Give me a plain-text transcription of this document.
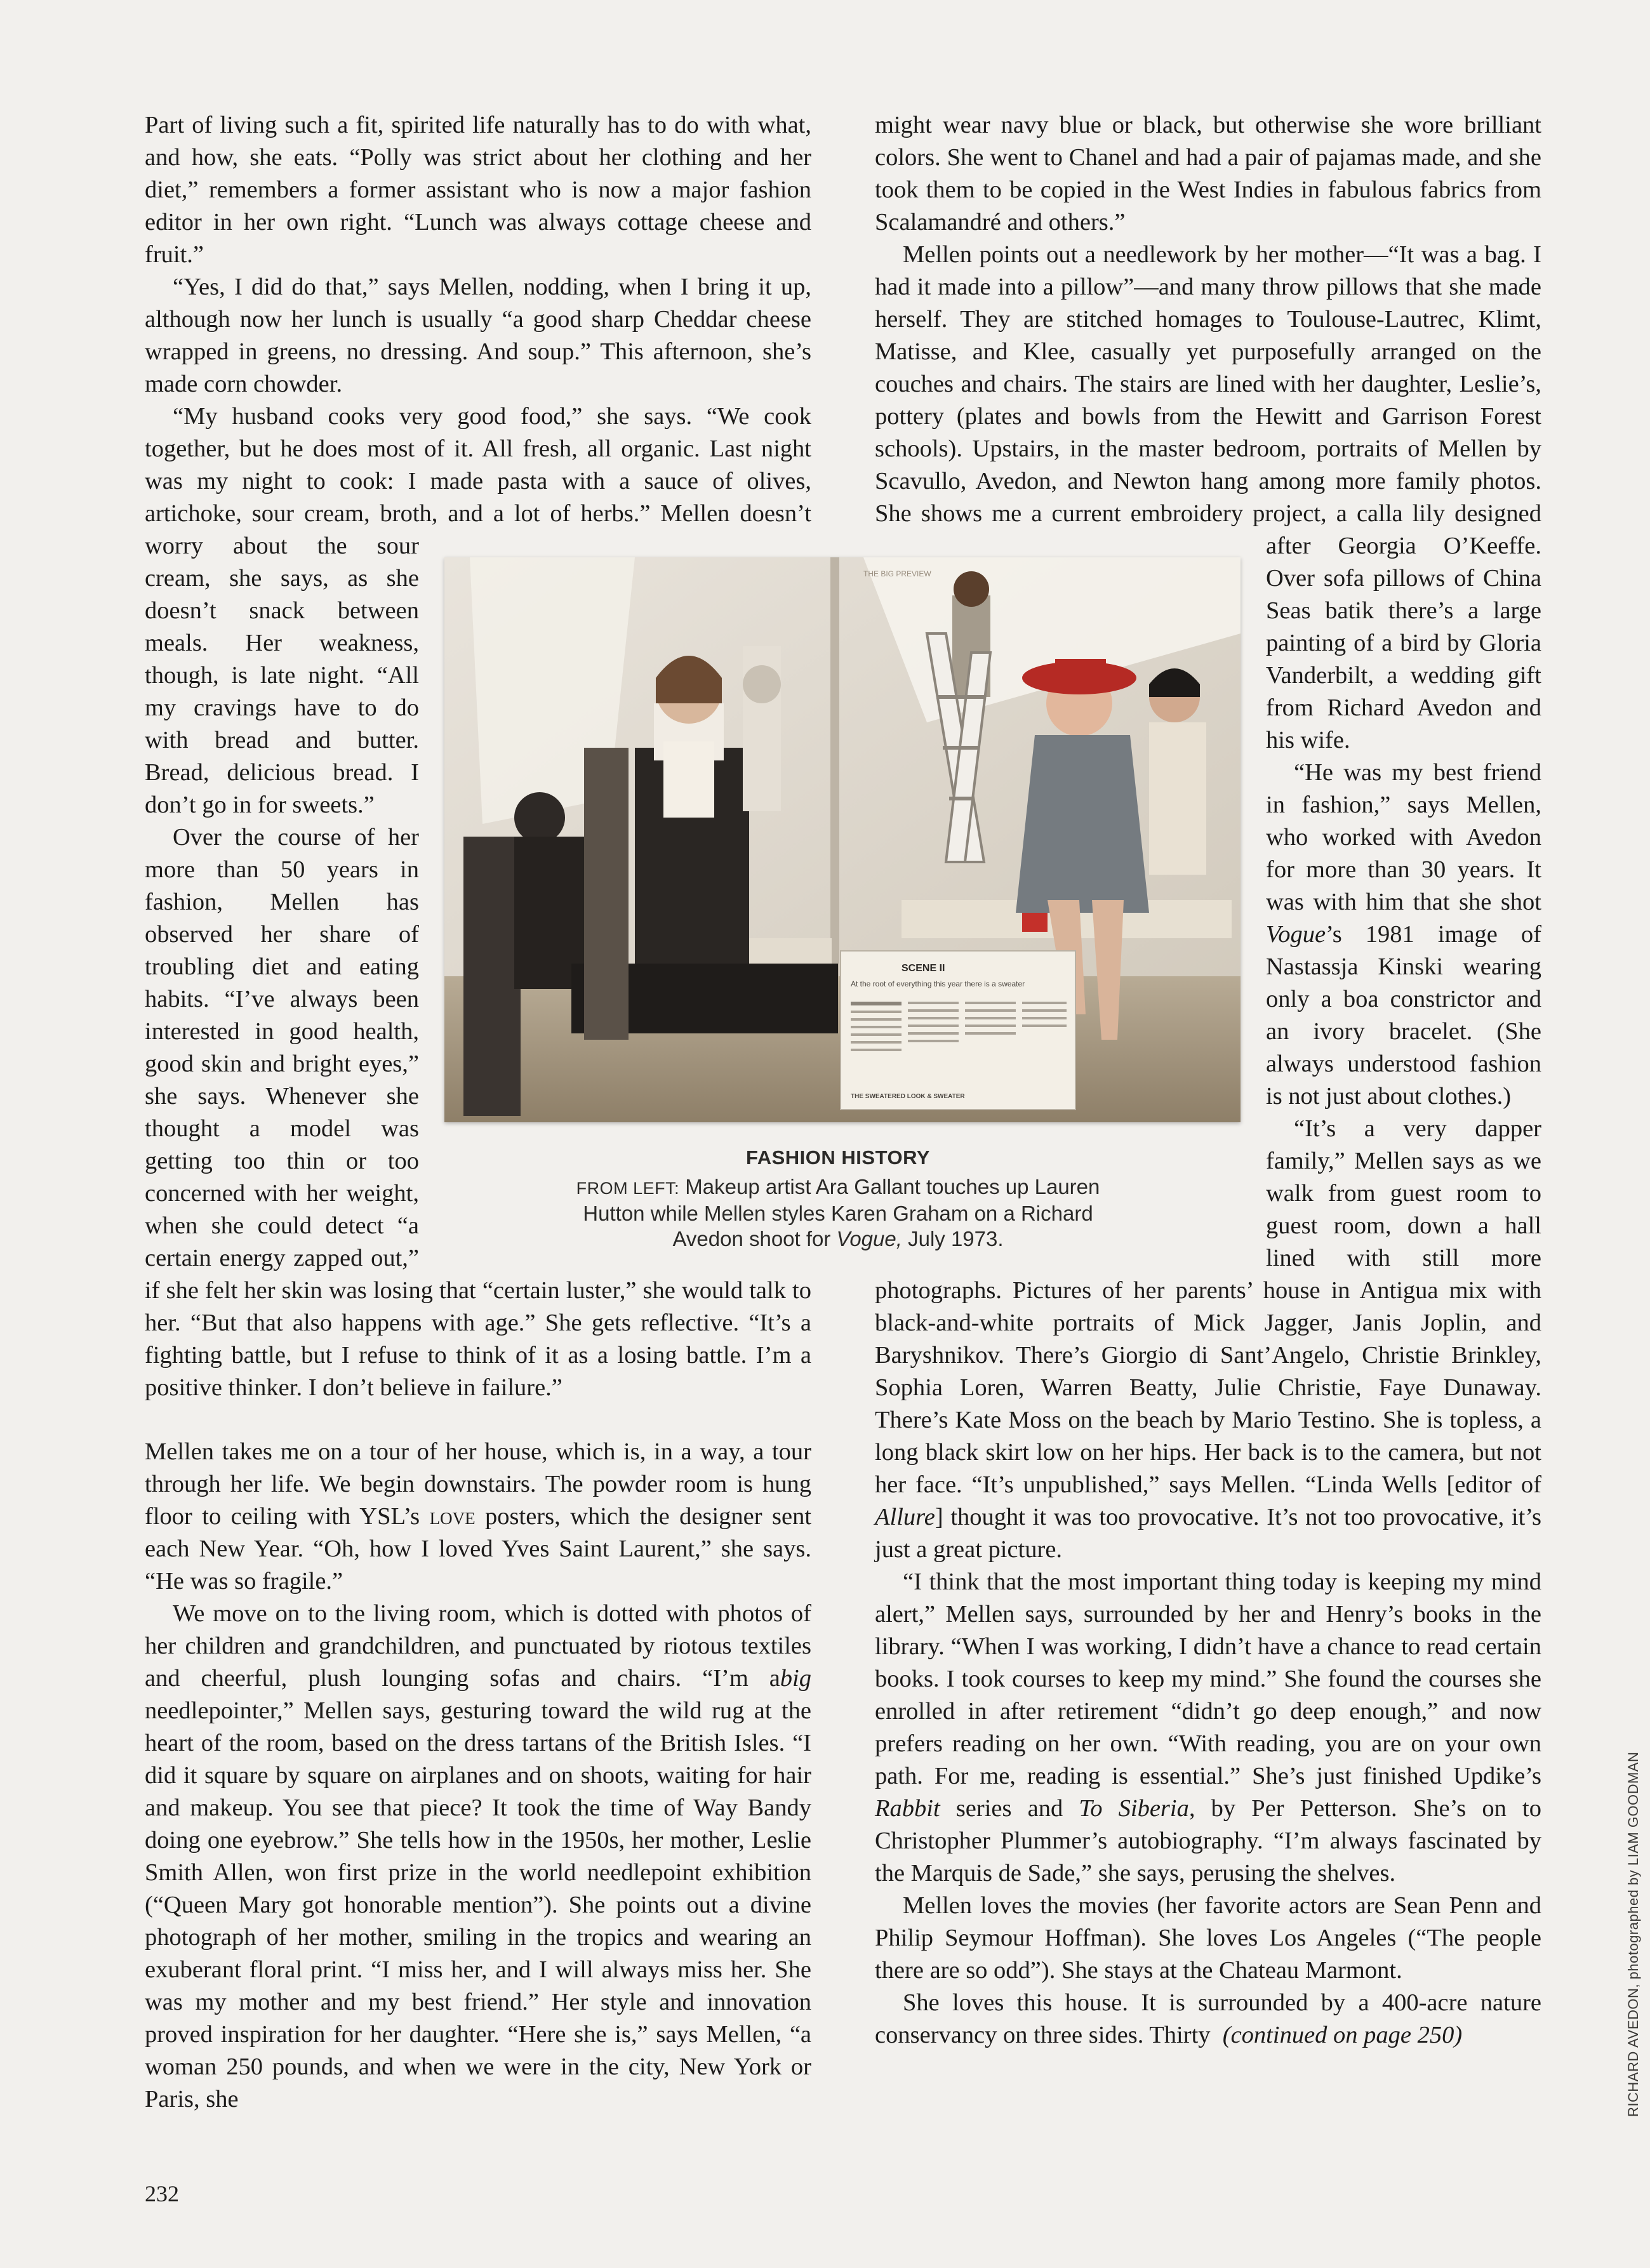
Part of living such a fit, spirited life naturally has to do with what, and how, she eats. “Polly was strict about her clothing and her diet,” remembers a former assistant who is now a major fashion editor in her own right. “Lunch was always cottage cheese and fruit.”

“Yes, I did do that,” says Mellen, nodding, when I bring it up, although now her lunch is usually “a good sharp Cheddar cheese wrapped in greens, no dressing. And soup.” This afternoon, she’s made corn chowder.

“My husband cooks very good food,” she says. “We cook together, but he does most of it. All fresh, all organic. Last night was my night to cook: I made pasta with a sauce of olives, artichoke, sour cream, broth, and a lot of herbs.” Mellen doesn’t worry about the sour cream, she says, as she doesn’t snack between meals. Her weakness, though, is late night. “All my cravings have to do with bread and butter. Bread, delicious bread. I don’t go in for sweets.”

Over the course of her more than 50 years in fashion, Mellen has observed her share of troubling diet and eating habits. “I’ve always been interested in good health, good skin and bright eyes,” she says. Whenever she thought a model was getting too thin or too concerned with her weight, when she could detect “a certain energy zapped out,” if she felt her skin was losing that “certain luster,” she would talk to her. “But that also happens with age.” She gets reflective. “It’s a fighting battle, but I refuse to think of it as a losing battle. I’m a positive thinker. I don’t believe in failure.”

Mellen takes me on a tour of her house, which is, in a way, a tour through her life. We begin downstairs. The powder room is hung floor to ceiling with YSL’s love posters, which the designer sent each New Year. “Oh, how I loved Yves Saint Laurent,” she says. “He was so fragile.”

We move on to the living room, which is dotted with photos of her children and grandchildren, and punctuated by riotous textiles and cheerful, plush lounging sofas and chairs. “I’m abig needlepointer,” Mellen says, gesturing toward the wild rug at the heart of the room, based on the dress tartans of the British Isles. “I did it square by square on airplanes and on shoots, waiting for hair and makeup. You see that piece? It took the time of Way Bandy doing one eyebrow.” She tells how in the 1950s, her mother, Leslie Smith Allen, won first prize in the world needlepoint exhibition (“Queen Mary got honorable mention”). She points out a divine photograph of her mother, smiling in the tropics and wearing an exuberant floral print. “I miss her, and I will always miss her. She was my mother and my best friend.” Her style and innovation proved inspiration for her daughter. “Here she is,” says Mellen, “a woman 250 pounds, and when we were in the city, New York or Paris, she

might wear navy blue or black, but otherwise she wore brilliant colors. She went to Chanel and had a pair of pajamas made, and she took them to be copied in the West Indies in fabulous fabrics from Scalamandré and others.”

Mellen points out a needlework by her mother—“It was a bag. I had it made into a pillow”—and many throw pillows that she made herself. They are stitched homages to Toulouse-Lautrec, Klimt, Matisse, and Klee, casually yet purposefully arranged on the couches and chairs. The stairs are lined with her daughter, Leslie’s, pottery (plates and bowls from the Hewitt and Garrison Forest schools). Upstairs, in the master bedroom, portraits of Mellen by Scavullo, Avedon, and Newton hang among more family photos. She shows me a current embroidery project, a calla lily designed after Georgia O’Keeffe. Over sofa pillows of China Seas batik there’s a large painting of a bird by Gloria Vanderbilt, a wedding gift from Richard Avedon and his wife.

“He was my best friend in fashion,” says Mellen, who worked with Avedon for more than 30 years. It was with him that she shot Vogue’s 1981 image of Nastassja Kinski wearing only a boa constrictor and an ivory bracelet. (She always understood fashion is not just about clothes.)

“It’s a very dapper family,” Mellen says as we walk from guest room to guest room, down a hall lined with still more photographs. Pictures of her parents’ house in Antigua mix with black-and-white portraits of Mick Jagger, Janis Joplin, and Baryshnikov. There’s Giorgio di Sant’Angelo, Christie Brinkley, Sophia Loren, Warren Beatty, Julie Christie, Faye Dunaway. There’s Kate Moss on the beach by Mario Testino. She is topless, a long black skirt low on her hips. Her back is to the camera, but not her face. “It’s unpublished,” says Mellen. “Linda Wells [editor of Allure] thought it was too provocative. It’s not too provocative, it’s just a great picture.

“I think that the most important thing today is keeping my mind alert,” Mellen says, surrounded by her and Henry’s books in the library. “When I was working, I didn’t have a chance to read certain books. I took courses to keep my mind.” She found the courses she enrolled in after retirement “didn’t go deep enough,” and now prefers reading on her own. “With reading, you are on your own path. For me, reading is essential.” She’s just finished Updike’s Rabbit series and To Siberia, by Per Petterson. She’s on to Christopher Plummer’s autobiography. “I’m always fascinated by the Marquis de Sade,” she says, perusing the shelves.

Mellen loves the movies (her favorite actors are Sean Penn and Philip Seymour Hoffman). She loves Los Angeles (“The people there are so odd”). She stays at the Chateau Marmont.

She loves this house. It is surrounded by a 400-acre nature conservancy on three sides. Thirty (continued on page 250)

THE BIG PREVIEW
SCENE II
At the root of everything this year there is a sweater
THE SWEATERED LOOK & SWEATER
FASHION HISTORY
FROM LEFT: Makeup artist Ara Gallant touches up Lauren Hutton while Mellen styles Karen Graham on a Richard Avedon shoot for Vogue, July 1973.
232
RICHARD AVEDON, photographed by LIAM GOODMAN
